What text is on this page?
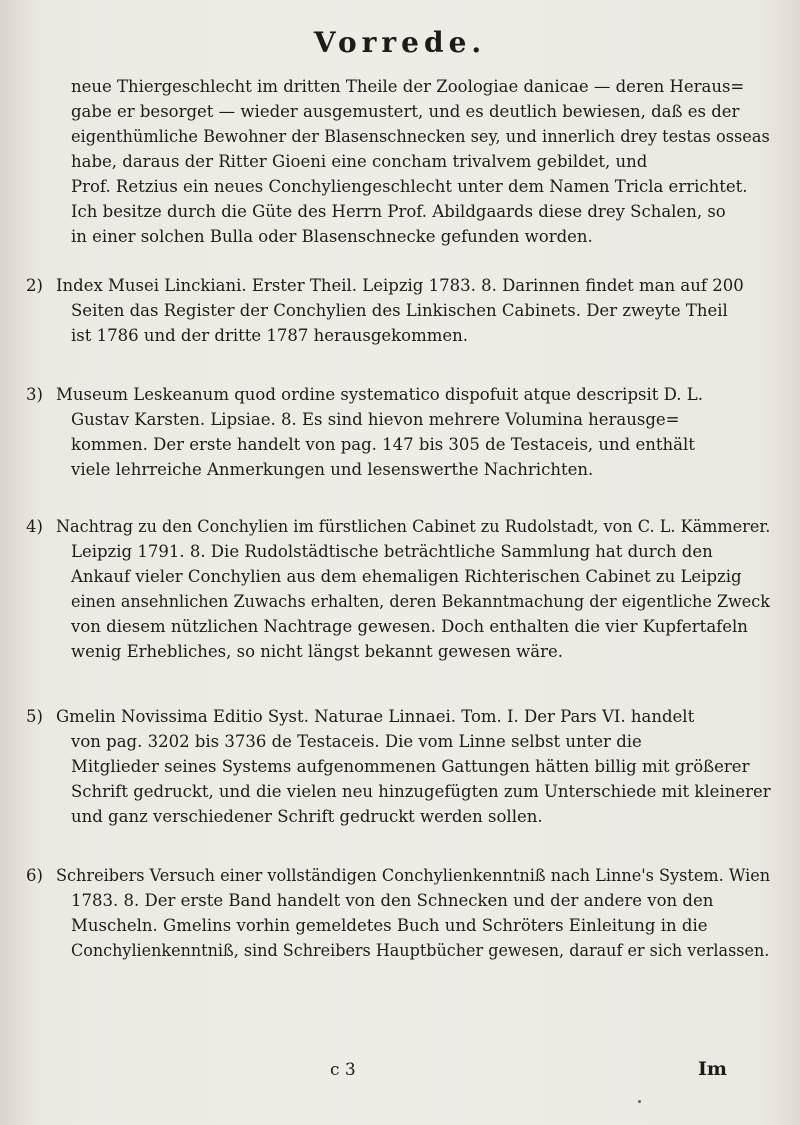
Vorrede.
neue Thiergeschlecht im dritten Theile der Zoologiae danicae — deren Heraus=
gabe er besorget — wieder ausgemustert, und es deutlich bewiesen, daß es der
eigenthümliche Bewohner der Blasenschnecken sey, und innerlich drey testas osseas
habe, daraus der Ritter Gioeni eine concham trivalvem gebildet, und
Prof. Retzius ein neues Conchyliengeschlecht unter dem Namen Tricla errichtet.
Ich besitze durch die Güte des Herrn Prof. Abildgaards diese drey Schalen, so
in einer solchen Bulla oder Blasenschnecke gefunden worden.
2) Index Musei Linckiani. Erster Theil. Leipzig 1783. 8. Darinnen findet man auf 200
Seiten das Register der Conchylien des Linkischen Cabinets. Der zweyte Theil
ist 1786 und der dritte 1787 herausgekommen.
3) Museum Leskeanum quod ordine systematico dispofuit atque descripsit D. L.
Gustav Karsten. Lipsiae. 8. Es sind hievon mehrere Volumina herausge=
kommen. Der erste handelt von pag. 147 bis 305 de Testaceis, und enthält
viele lehrreiche Anmerkungen und lesenswerthe Nachrichten.
4) Nachtrag zu den Conchylien im fürstlichen Cabinet zu Rudolstadt, von C. L. Kämmerer.
Leipzig 1791. 8. Die Rudolstädtische beträchtliche Sammlung hat durch den
Ankauf vieler Conchylien aus dem ehemaligen Richterischen Cabinet zu Leipzig
einen ansehnlichen Zuwachs erhalten, deren Bekanntmachung der eigentliche Zweck
von diesem nützlichen Nachtrage gewesen. Doch enthalten die vier Kupfertafeln
wenig Erhebliches, so nicht längst bekannt gewesen wäre.
5) Gmelin Novissima Editio Syst. Naturae Linnaei. Tom. I. Der Pars VI. handelt
von pag. 3202 bis 3736 de Testaceis. Die vom Linne selbst unter die
Mitglieder seines Systems aufgenommenen Gattungen hätten billig mit größerer
Schrift gedruckt, und die vielen neu hinzugefügten zum Unterschiede mit kleinerer
und ganz verschiedener Schrift gedruckt werden sollen.
6) Schreibers Versuch einer vollständigen Conchylienkenntniß nach Linne's System. Wien
1783. 8. Der erste Band handelt von den Schnecken und der andere von den
Muscheln. Gmelins vorhin gemeldetes Buch und Schröters Einleitung in die
Conchylienkenntniß, sind Schreibers Hauptbücher gewesen, darauf er sich verlassen.
c 3	Im
